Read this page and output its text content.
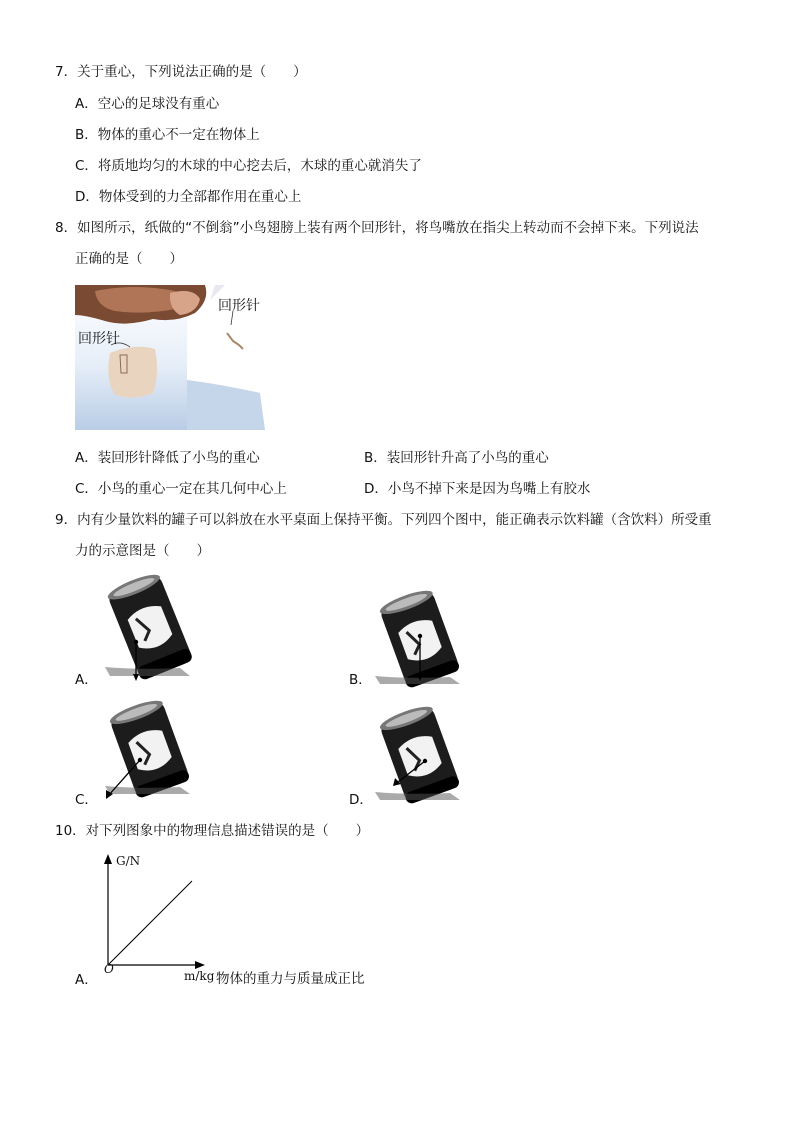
7．关于重心，下列说法正确的是（　　）
A．空心的足球没有重心
B．物体的重心不一定在物体上
C．将质地均匀的木球的中心挖去后，木球的重心就消失了
D．物体受到的力全部都作用在重心上
8．如图所示，纸做的“不倒翁”小鸟翅膀上装有两个回形针，将鸟嘴放在指尖上转动而不会掉下来。下列说法
正确的是（　　）
回形针
回形针
A．装回形针降低了小鸟的重心	B．装回形针升高了小鸟的重心
C．小鸟的重心一定在其几何中心上	D．小鸟不掉下来是因为鸟嘴上有胶水
9．内有少量饮料的罐子可以斜放在水平桌面上保持平衡。下列四个图中，能正确表示饮料罐（含饮料）所受重
力的示意图是（　　）
A．	B．
C．	D．
10．对下列图象中的物理信息描述错误的是（　　）
G/N
O	m/kg
A．	物体的重力与质量成正比
